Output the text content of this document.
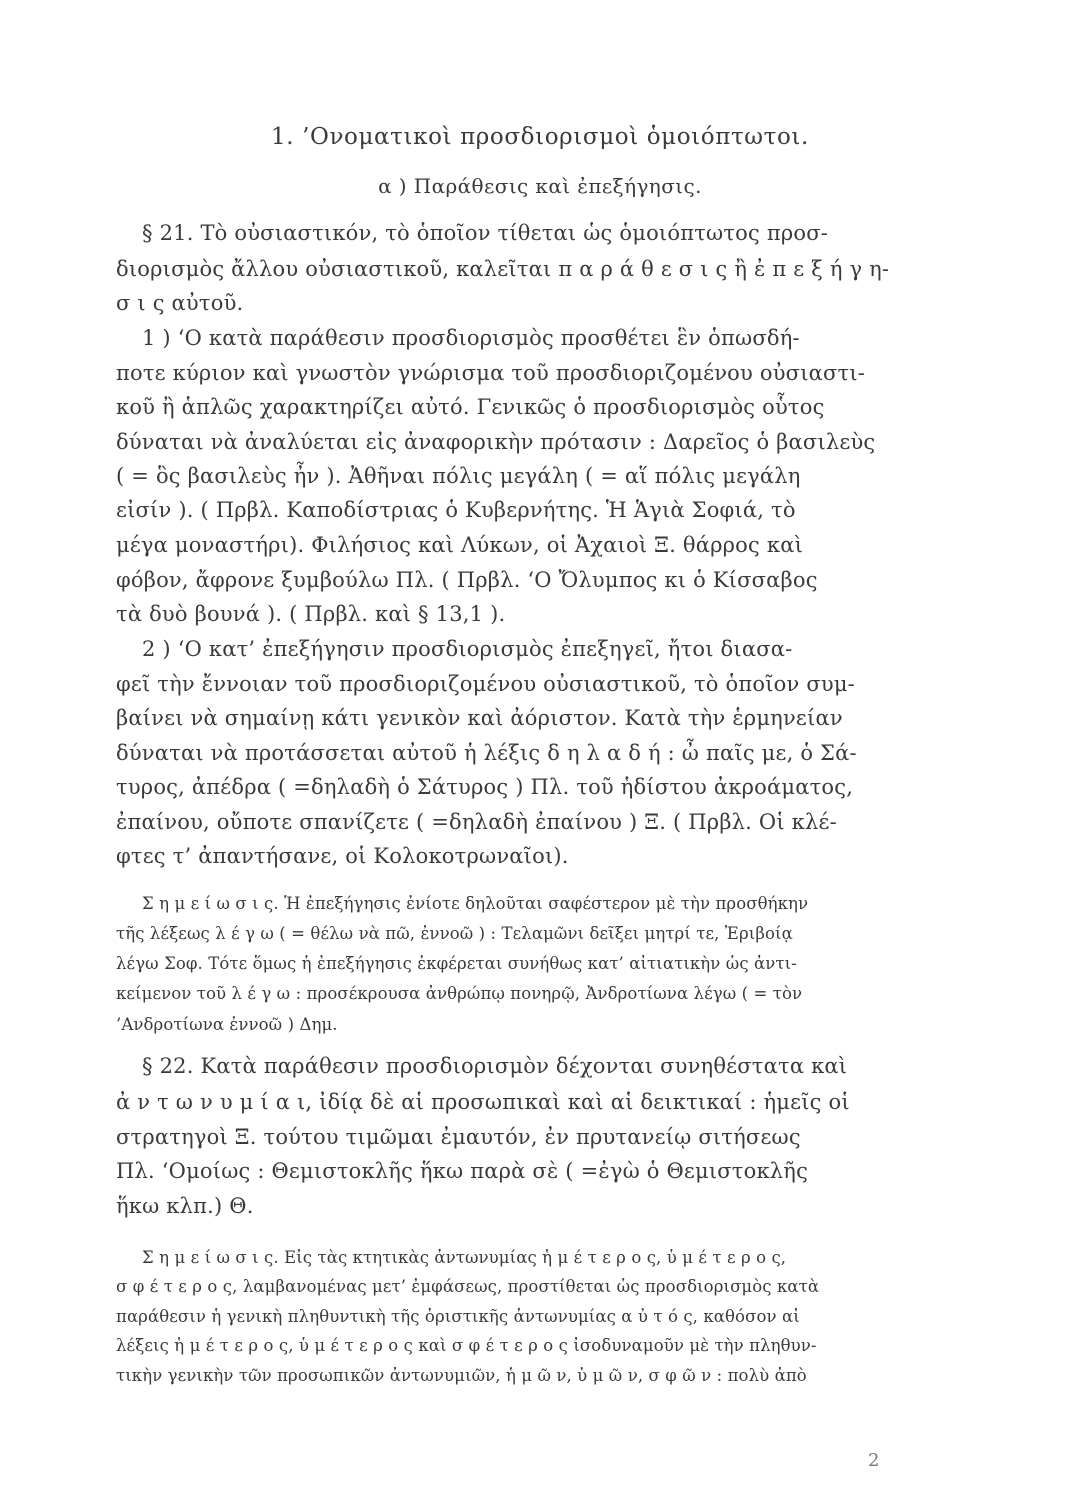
1. ’Ονοματικοὶ προσδιορισμοὶ ὁμοιόπτωτοι.
α ) Παράθεσις καὶ ἐπεξήγησις.
§ 21. Τὸ οὐσιαστικόν, τὸ ὁποῖον τίθεται ὡς ὁμοιόπτωτος προσ-
διορισμὸς ἄλλου οὐσιαστικοῦ, καλεῖται π α ρ ά θ ε σ ι ς ἢ ἐ π ε ξ ή γ η-
σ ι ς αὐτοῦ.
1 ) ‘Ο κατὰ παράθεσιν προσδιορισμὸς προσθέτει ἓν ὁπωσδή-
ποτε κύριον καὶ γνωστὸν γνώρισμα τοῦ προσδιοριζομένου οὐσιαστι-
κοῦ ἢ ἁπλῶς χαρακτηρίζει αὐτό. Γενικῶς ὁ προσδιορισμὸς οὗτος
δύναται νὰ ἀναλύεται εἰς ἀναφορικὴν πρότασιν : Δαρεῖος ὁ βασιλεὺς
( = ὃς βασιλεὺς ἦν ). Ἀθῆναι πόλις μεγάλη ( = αἵ πόλις μεγάλη
εἰσίν ). ( Πρβλ. Καποδίστριας ὁ Κυβερνήτης. Ἡ Ἁγιὰ Σοφιά, τὸ
μέγα μοναστήρι). Φιλήσιος καὶ Λύκων, οἱ Ἀχαιοὶ Ξ. θάρρος καὶ
φόβον, ἄφρονε ξυμβούλω Πλ. ( Πρβλ. ‘Ο Ὄλυμπος κι ὁ Κίσσαβος
τὰ δυὸ βουνά ). ( Πρβλ. καὶ § 13,1 ).
2 ) ‘Ο κατ’ ἐπεξήγησιν προσδιορισμὸς ἐπεξηγεῖ, ἤτοι διασα-
φεῖ τὴν ἔννοιαν τοῦ προσδιοριζομένου οὐσιαστικοῦ, τὸ ὁποῖον συμ-
βαίνει νὰ σημαίνῃ κάτι γενικὸν καὶ ἀόριστον. Κατὰ τὴν ἑρμηνείαν
δύναται νὰ προτάσσεται αὐτοῦ ἡ λέξις δ η λ α δ ή : ὦ παῖς με, ὁ Σά-
τυρος, ἀπέδρα ( =δηλαδὴ ὁ Σάτυρος ) Πλ. τοῦ ἡδίστου ἀκροάματος,
ἐπαίνου, οὔποτε σπανίζετε ( =δηλαδὴ ἐπαίνου ) Ξ. ( Πρβλ. Οἱ κλέ-
φτες τ’ ἀπαντήσανε, οἱ Κολοκοτρωναῖοι).
Σ η μ ε ί ω σ ι ς. Ἡ ἐπεξήγησις ἐνίοτε δηλοῦται σαφέστερον μὲ τὴν προσθήκην
τῆς λέξεως λ έ γ ω ( = θέλω νὰ πῶ, ἐννοῶ ) : Τελαμῶνι δεῖξει μητρί τε, Ἐριβοίᾳ
λέγω Σοφ. Τότε ὅμως ἡ ἐπεξήγησις ἐκφέρεται συνήθως κατ’ αἰτιατικὴν ὡς ἀντι-
κείμενον τοῦ λ έ γ ω : προσέκρουσα ἀνθρώπῳ πονηρῷ, Ἀνδροτίωνα λέγω ( = τὸν
’Ανδροτίωνα ἐννοῶ ) Δημ.
§ 22. Κατὰ παράθεσιν προσδιορισμὸν δέχονται συνηθέστατα καὶ
ἀ ν τ ω ν υ μ ί α ι, ἰδίᾳ δὲ αἱ προσωπικαὶ καὶ αἱ δεικτικαί : ἡμεῖς οἱ
στρατηγοὶ Ξ. τούτου τιμῶμαι ἐμαυτόν, ἐν πρυτανείῳ σιτήσεως
Πλ. ‘Ομοίως : Θεμιστοκλῆς ἥκω παρὰ σὲ ( =ἐγὼ ὁ Θεμιστοκλῆς
ἥκω κλπ.) Θ.
Σ η μ ε ί ω σ ι ς. Εἰς τὰς κτητικὰς ἀντωνυμίας ἡ μ έ τ ε ρ ο ς, ὑ μ έ τ ε ρ ο ς,
σ φ έ τ ε ρ ο ς, λαμβανομένας μετ’ ἐμφάσεως, προστίθεται ὡς προσδιορισμὸς κατὰ
παράθεσιν ἡ γενικὴ πληθυντικὴ τῆς ὁριστικῆς ἀντωνυμίας α ὐ τ ό ς, καθόσον αἱ
λέξεις ἡ μ έ τ ε ρ ο ς, ὑ μ έ τ ε ρ ο ς καὶ σ φ έ τ ε ρ ο ς ἰσοδυναμοῦν μὲ τὴν πληθυν-
τικὴν γενικὴν τῶν προσωπικῶν ἀντωνυμιῶν, ἡ μ ῶ ν, ὑ μ ῶ ν, σ φ ῶ ν : πολὺ ἀπὸ
2
